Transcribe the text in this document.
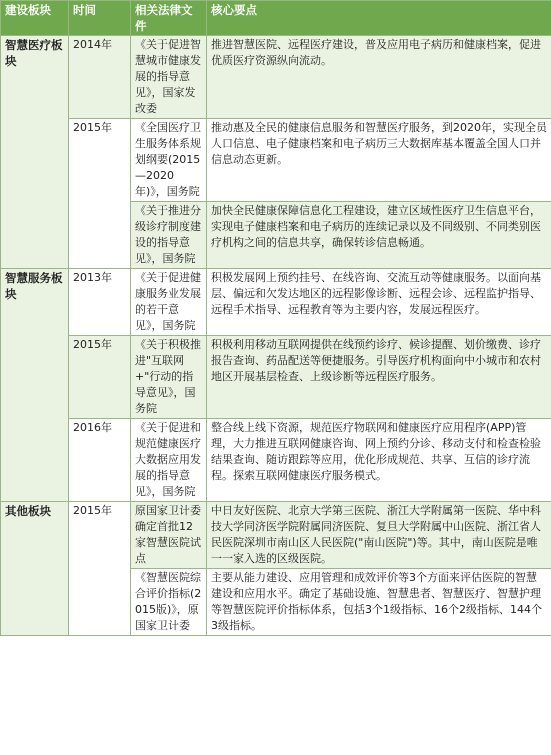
建设板块	时间	相关法律文件	核心要点
智慧医疗板块	2014年	《关于促进智慧城市健康发展的指导意见》，国家发改委	推进智慧医院、远程医疗建设，普及应用电子病历和健康档案，促进优质医疗资源纵向流动。
	2015年	《全国医疗卫生服务体系规划纲要(2015—2020年)》，国务院	推动惠及全民的健康信息服务和智慧医疗服务，到2020年，实现全员人口信息、电子健康档案和电子病历三大数据库基本覆盖全国人口并信息动态更新。
		《关于推进分级诊疗制度建设的指导意见》，国务院	加快全民健康保障信息化工程建设，建立区域性医疗卫生信息平台，实现电子健康档案和电子病历的连续记录以及不同级别、不同类别医疗机构之间的信息共享，确保转诊信息畅通。
智慧服务板块	2013年	《关于促进健康服务业发展的若干意见》，国务院	积极发展网上预约挂号、在线咨询、交流互动等健康服务。以面向基层、偏远和欠发达地区的远程影像诊断、远程会诊、远程监护指导、远程手术指导、远程教育等为主要内容，发展远程医疗。
	2015年	《关于积极推进"互联网+"行动的指导意见》，国务院	积极利用移动互联网提供在线预约诊疗、候诊提醒、划价缴费、诊疗报告查询、药品配送等便捷服务。引导医疗机构面向中小城市和农村地区开展基层检查、上级诊断等远程医疗服务。
	2016年	《关于促进和规范健康医疗大数据应用发展的指导意见》，国务院	整合线上线下资源，规范医疗物联网和健康医疗应用程序(APP)管理，大力推进互联网健康咨询、网上预约分诊、移动支付和检查检验结果查询、随访跟踪等应用，优化形成规范、共享、互信的诊疗流程。探索互联网健康医疗服务模式。
其他板块	2015年	原国家卫计委确定首批12家智慧医院试点	中日友好医院、北京大学第三医院、浙江大学附属第一医院、华中科技大学同济医学院附属同济医院、复旦大学附属中山医院、浙江省人民医院深圳市南山区人民医院("南山医院")等。其中，南山医院是唯一一家入选的区级医院。
		《智慧医院综合评价指标(2015版)》，原国家卫计委	主要从能力建设、应用管理和成效评价等3个方面来评估医院的智慧建设和应用水平。确定了基础设施、智慧患者、智慧医疗、智慧护理等智慧医院评价指标体系，包括3个1级指标、16个2级指标、144个3级指标。
